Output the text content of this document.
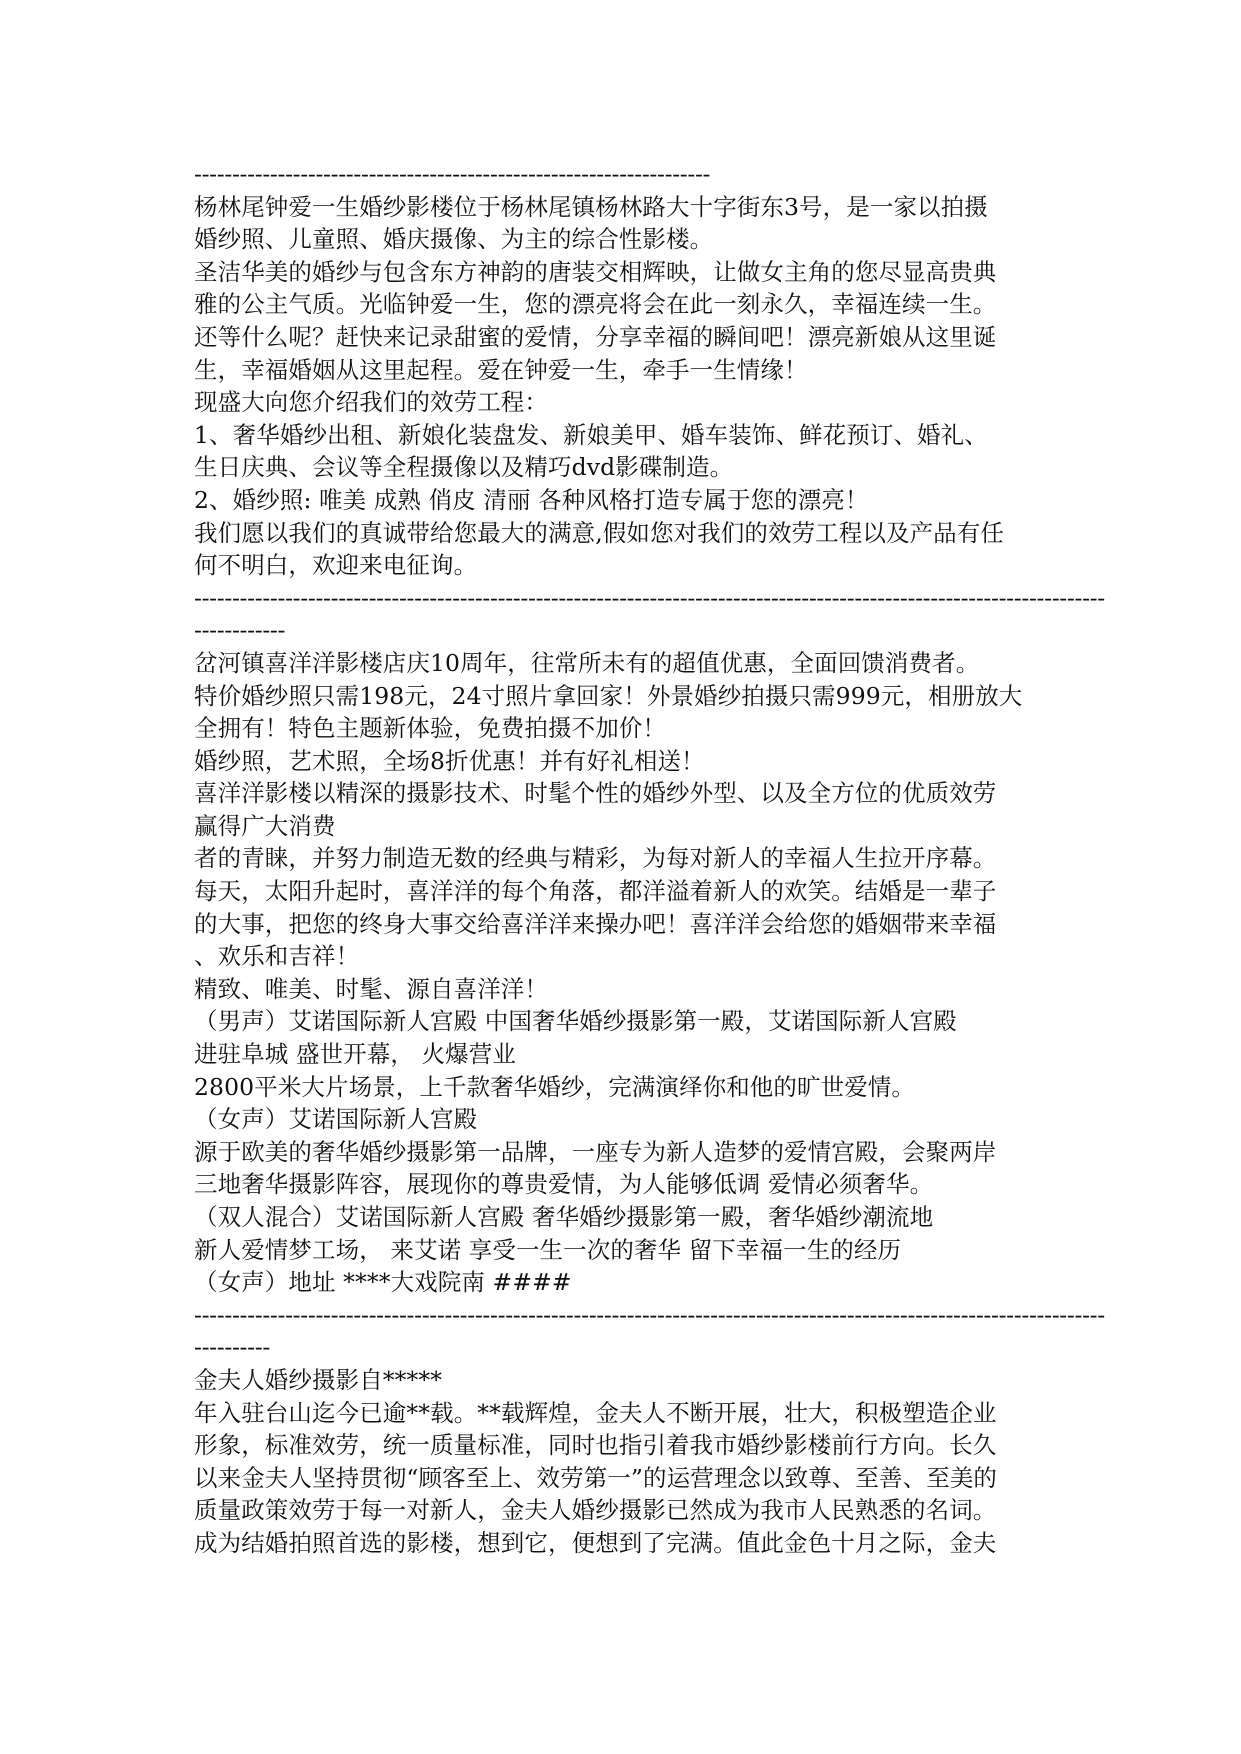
--------------------------------------------------------------------
杨林尾钟爱一生婚纱影楼位于杨林尾镇杨林路大十字街东3号，是一家以拍摄
婚纱照、儿童照、婚庆摄像、为主的综合性影楼。
圣洁华美的婚纱与包含东方神韵的唐装交相辉映，让做女主角的您尽显高贵典
雅的公主气质。光临钟爱一生，您的漂亮将会在此一刻永久，幸福连续一生。
还等什么呢？赶快来记录甜蜜的爱情，分享幸福的瞬间吧！漂亮新娘从这里诞
生，幸福婚姻从这里起程。爱在钟爱一生，牵手一生情缘！
现盛大向您介绍我们的效劳工程：
1、奢华婚纱出租、新娘化装盘发、新娘美甲、婚车装饰、鲜花预订、婚礼、
生日庆典、会议等全程摄像以及精巧dvd影碟制造。
2、婚纱照: 唯美 成熟 俏皮 清丽 各种风格打造专属于您的漂亮！
我们愿以我们的真诚带给您最大的满意,假如您对我们的效劳工程以及产品有任
何不明白，欢迎来电征询。
------------------------------------------------------------------------------------------------------------------------
------------
岔河镇喜洋洋影楼店庆10周年，往常所未有的超值优惠，全面回馈消费者。
特价婚纱照只需198元，24寸照片拿回家！外景婚纱拍摄只需999元，相册放大
全拥有！特色主题新体验，免费拍摄不加价！
婚纱照，艺术照，全场8折优惠！并有好礼相送！
喜洋洋影楼以精深的摄影技术、时髦个性的婚纱外型、以及全方位的优质效劳
赢得广大消费
者的青睐，并努力制造无数的经典与精彩，为每对新人的幸福人生拉开序幕。
每天，太阳升起时，喜洋洋的每个角落，都洋溢着新人的欢笑。结婚是一辈子
的大事，把您的终身大事交给喜洋洋来操办吧！喜洋洋会给您的婚姻带来幸福
、欢乐和吉祥！
精致、唯美、时髦、源自喜洋洋！
（男声）艾诺国际新人宫殿 中国奢华婚纱摄影第一殿，艾诺国际新人宫殿
进驻阜城 盛世开幕， 火爆营业
2800平米大片场景，上千款奢华婚纱，完满演绎你和他的旷世爱情。
（女声）艾诺国际新人宫殿
源于欧美的奢华婚纱摄影第一品牌，一座专为新人造梦的爱情宫殿，会聚两岸
三地奢华摄影阵容，展现你的尊贵爱情，为人能够低调 爱情必须奢华。
（双人混合）艾诺国际新人宫殿 奢华婚纱摄影第一殿，奢华婚纱潮流地
新人爱情梦工场， 来艾诺 享受一生一次的奢华 留下幸福一生的经历
（女声）地址 ****大戏院南 ####
------------------------------------------------------------------------------------------------------------------------
----------
金夫人婚纱摄影自*****
年入驻台山迄今已逾**载。**载辉煌，金夫人不断开展，壮大，积极塑造企业
形象，标准效劳，统一质量标准，同时也指引着我市婚纱影楼前行方向。长久
以来金夫人坚持贯彻“顾客至上、效劳第一”的运营理念以致尊、至善、至美的
质量政策效劳于每一对新人，金夫人婚纱摄影已然成为我市人民熟悉的名词。
成为结婚拍照首选的影楼，想到它，便想到了完满。值此金色十月之际，金夫
